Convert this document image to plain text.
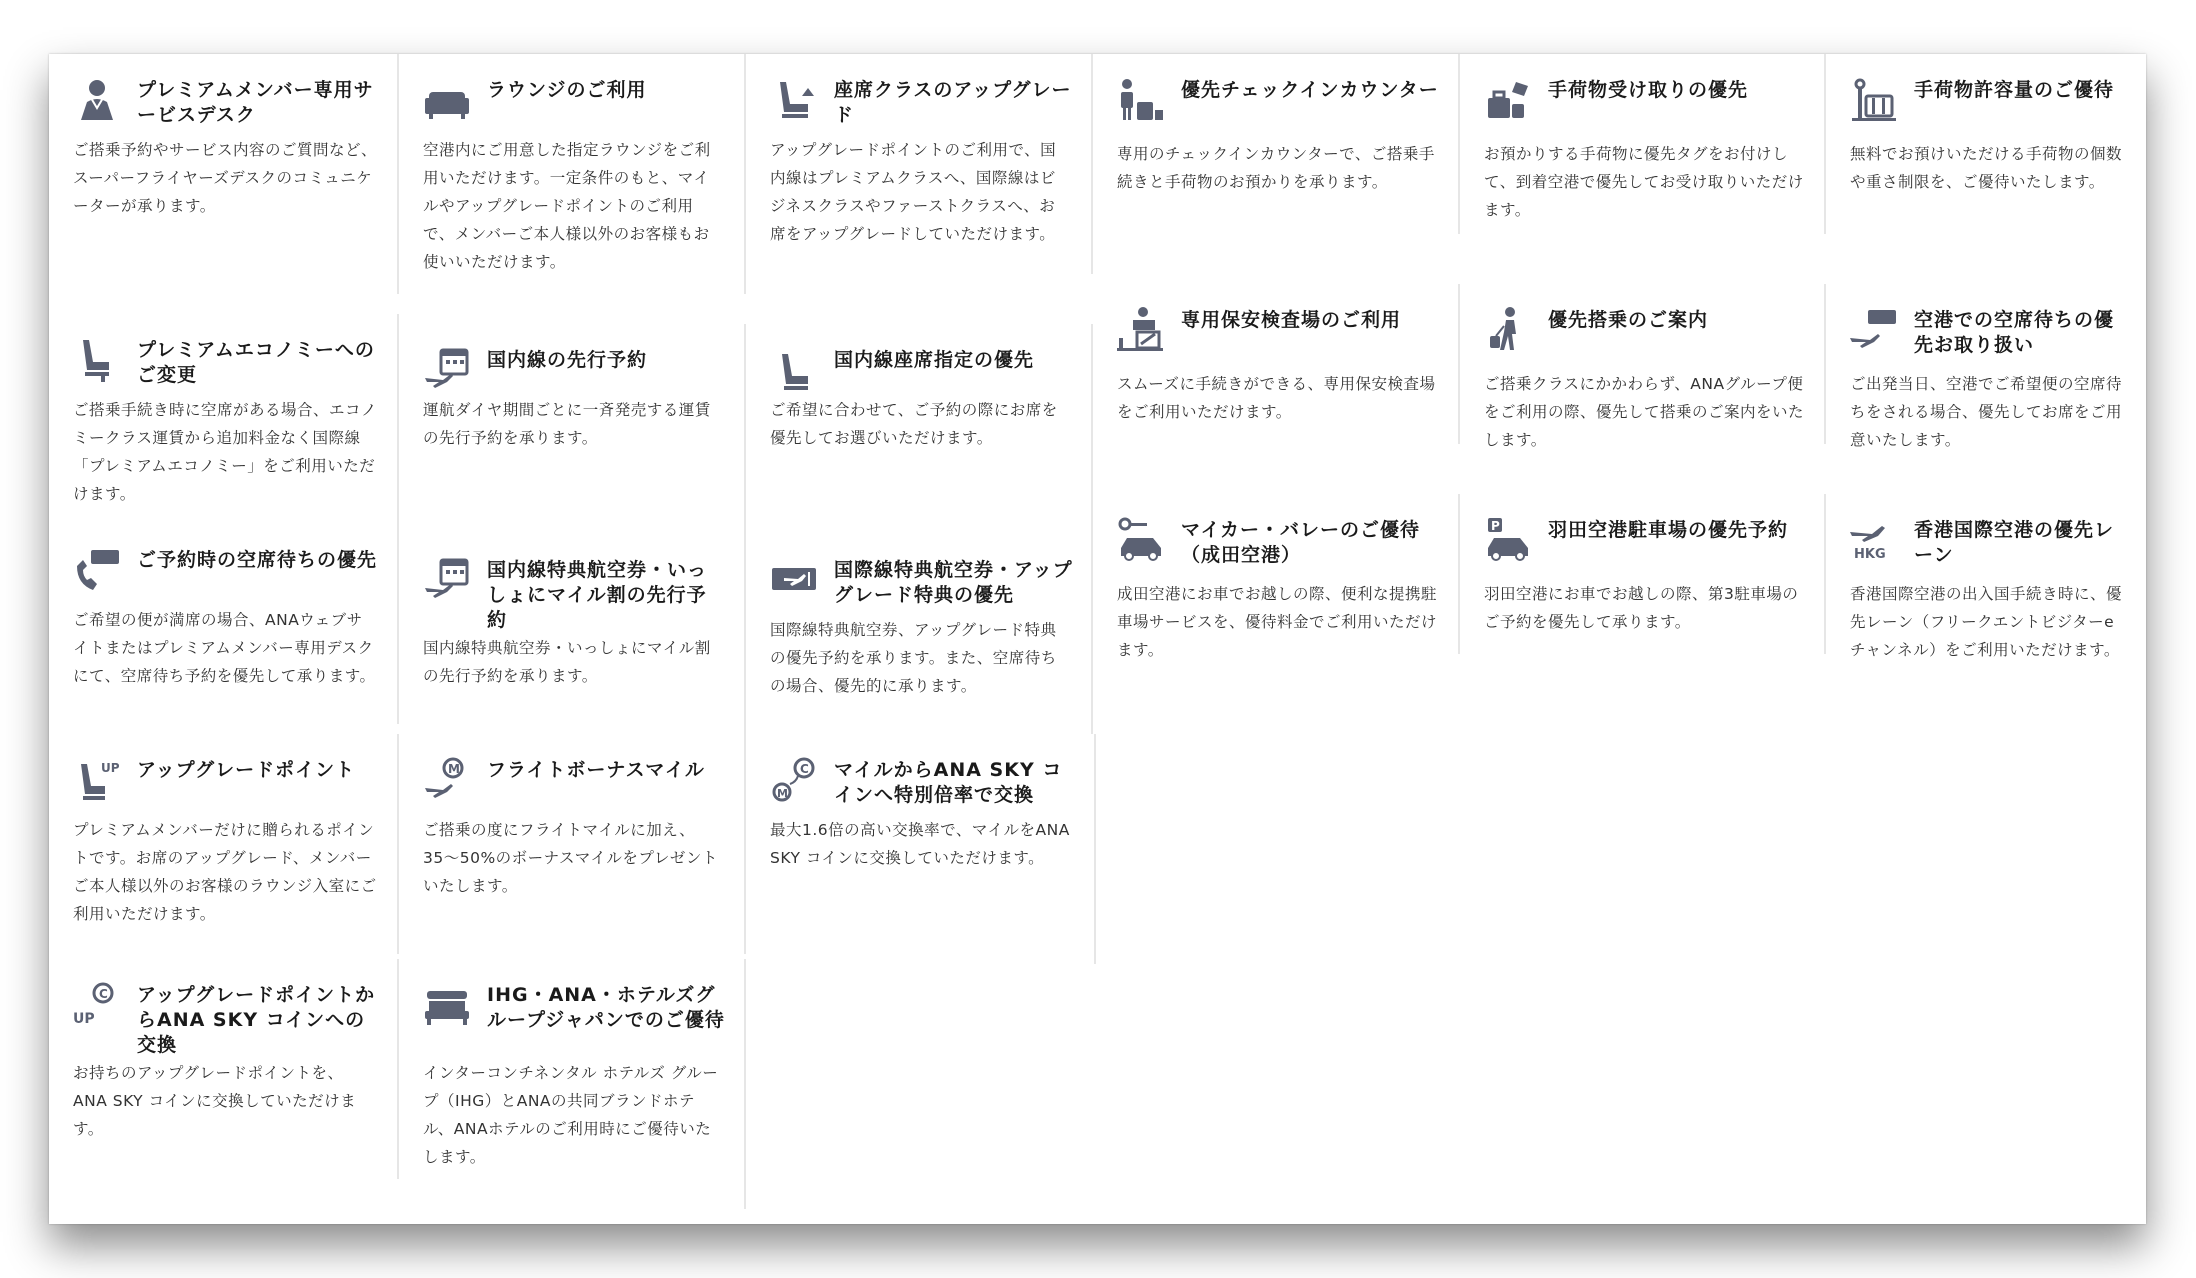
プレミアムメンバー専用サービスデスク
ご搭乗予約やサービス内容のご質問など、スーパーフライヤーズデスクのコミュニケーターが承ります。
ラウンジのご利用
空港内にご用意した指定ラウンジをご利用いただけます。一定条件のもと、マイルやアップグレードポイントのご利用で、メンバーご本人様以外のお客様もお使いいただけます。
座席クラスのアップグレード
アップグレードポイントのご利用で、国内線はプレミアムクラスへ、国際線はビジネスクラスやファーストクラスへ、お席をアップグレードしていただけます。
プレミアムエコノミーへのご変更
ご搭乗手続き時に空席がある場合、エコノミークラス運賃から追加料金なく国際線「プレミアムエコノミー」をご利用いただけます。
国内線の先行予約
運航ダイヤ期間ごとに一斉発売する運賃の先行予約を承ります。
国内線座席指定の優先
ご希望に合わせて、ご予約の際にお席を優先してお選びいただけます。
ご予約時の空席待ちの優先
ご希望の便が満席の場合、ANAウェブサイトまたはプレミアムメンバー専用デスクにて、空席待ち予約を優先して承ります。
国内線特典航空券・いっしょにマイル割の先行予約
国内線特典航空券・いっしょにマイル割の先行予約を承ります。
国際線特典航空券・アップグレード特典の優先
国際線特典航空券、アップグレード特典の優先予約を承ります。また、空席待ちの場合、優先的に承ります。
UP アップグレードポイント
プレミアムメンバーだけに贈られるポイントです。お席のアップグレード、メンバーご本人様以外のお客様のラウンジ入室にご利用いただけます。
M フライトボーナスマイル
ご搭乗の度にフライトマイルに加え、35〜50%のボーナスマイルをプレゼントいたします。
C
M
マイルからANA SKY コインへ特別倍率で交換
最大1.6倍の高い交換率で、マイルをANA SKY コインに交換していただけます。
C
UP
アップグレードポイントからANA SKY コインへの交換
お持ちのアップグレードポイントを、ANA SKY コインに交換していただけます。
IHG・ANA・ホテルズグループジャパンでのご優待
インターコンチネンタル ホテルズ グループ（IHG）とANAの共同ブランドホテル、ANAホテルのご利用時にご優待いたします。
優先チェックインカウンター
専用のチェックインカウンターで、ご搭乗手続きと手荷物のお預かりを承ります。
手荷物受け取りの優先
お預かりする手荷物に優先タグをお付けして、到着空港で優先してお受け取りいただけます。
手荷物許容量のご優待
無料でお預けいただける手荷物の個数や重さ制限を、ご優待いたします。
専用保安検査場のご利用
スムーズに手続きができる、専用保安検査場をご利用いただけます。
優先搭乗のご案内
ご搭乗クラスにかかわらず、ANAグループ便をご利用の際、優先して搭乗のご案内をいたします。
空港での空席待ちの優先お取り扱い
ご出発当日、空港でご希望便の空席待ちをされる場合、優先してお席をご用意いたします。
マイカー・バレーのご優待（成田空港）
成田空港にお車でお越しの際、便利な提携駐車場サービスを、優待料金でご利用いただけます。
P	羽田空港駐車場の優先予約
羽田空港にお車でお越しの際、第3駐車場のご予約を優先して承ります。
HKG
香港国際空港の優先レーン
香港国際空港の出入国手続き時に、優先レーン（フリークエントビジターeチャンネル）をご利用いただけます。
